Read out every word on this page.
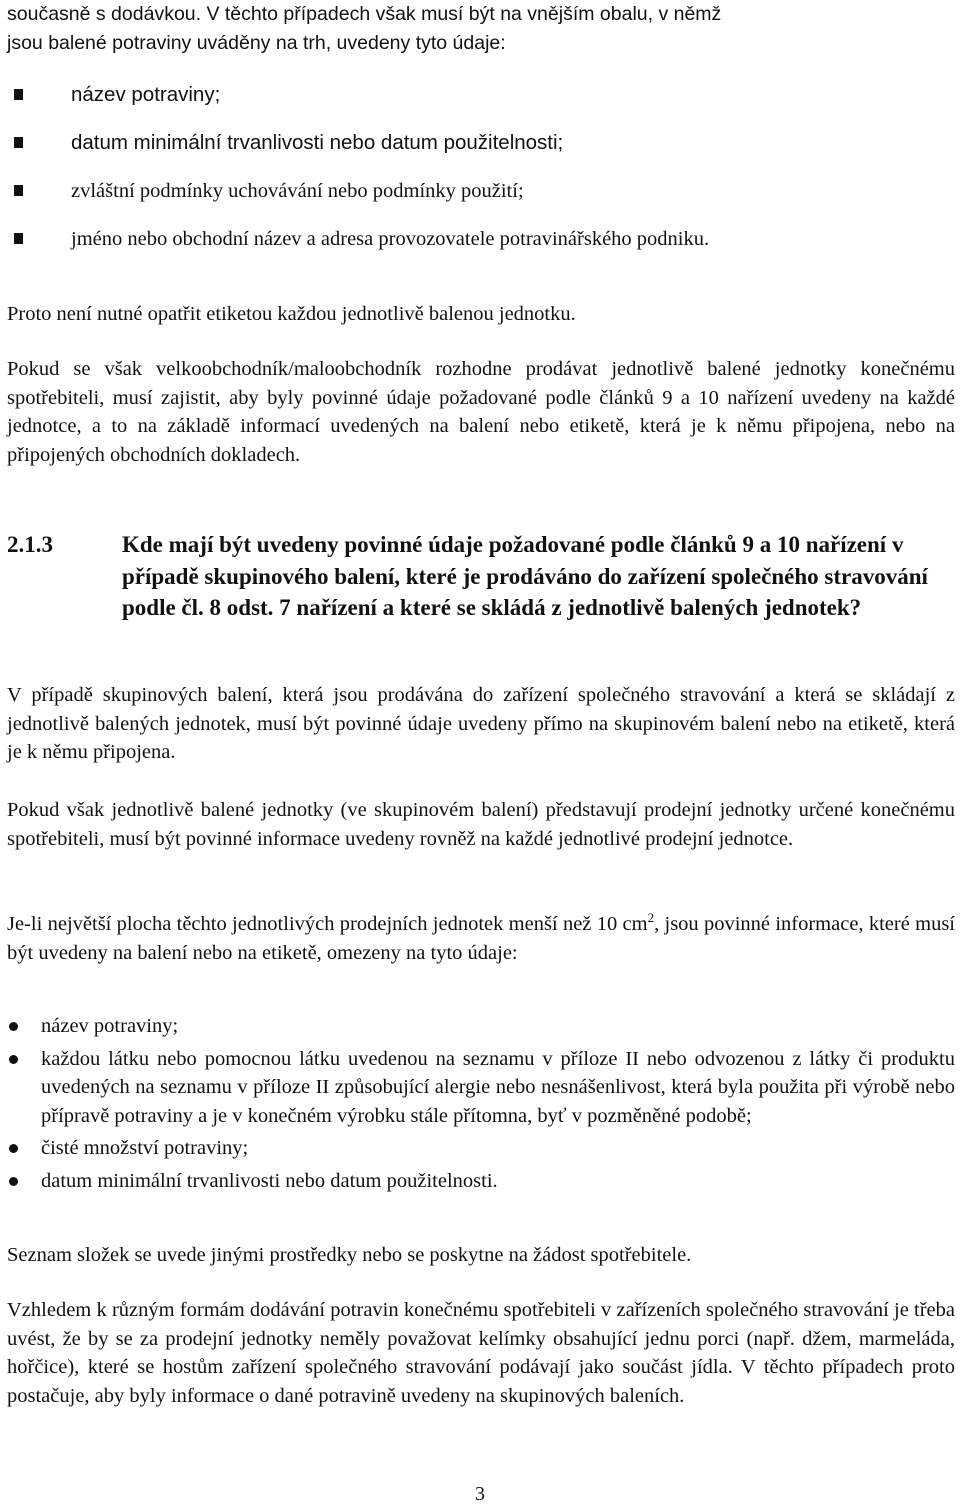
současně s dodávkou. V těchto případech však musí být na vnějším obalu, v němž
jsou balené potraviny uváděny na trh, uvedeny tyto údaje:
název potraviny;
datum minimální trvanlivosti nebo datum použitelnosti;
zvláštní podmínky uchovávání nebo podmínky použití;
jméno nebo obchodní název a adresa provozovatele potravinářského podniku.

Proto není nutné opatřit etiketou každou jednotlivě balenou jednotku.

Pokud se však velkoobchodník/maloobchodník rozhodne prodávat jednotlivě balené jednotky konečnému spotřebiteli, musí zajistit, aby byly povinné údaje požadované podle článků 9 a 10 nařízení uvedeny na každé jednotce, a to na základě informací uvedených na balení nebo etiketě, která je k němu připojena, nebo na připojených obchodních dokladech.

2.1.3	Kde mají být uvedeny povinné údaje požadované podle článků 9 a 10 nařízení v případě skupinového balení, které je prodáváno do zařízení společného stravování podle čl. 8 odst. 7 nařízení a které se skládá z jednotlivě balených jednotek?

V případě skupinových balení, která jsou prodávána do zařízení společného stravování a která se skládají z jednotlivě balených jednotek, musí být povinné údaje uvedeny přímo na skupinovém balení nebo na etiketě, která je k němu připojena.

Pokud však jednotlivě balené jednotky (ve skupinovém balení) představují prodejní jednotky určené konečnému spotřebiteli, musí být povinné informace uvedeny rovněž na každé jednotlivé prodejní jednotce.

Je-li největší plocha těchto jednotlivých prodejních jednotek menší než 10 $cm^2$, jsou povinné informace, které musí být uvedeny na balení nebo na etiketě, omezeny na tyto údaje:

název potraviny;
každou látku nebo pomocnou látku uvedenou na seznamu v příloze II nebo odvozenou z látky či produktu uvedených na seznamu v příloze II způsobující alergie nebo nesnášenlivost, která byla použita při výrobě nebo přípravě potraviny a je v konečném výrobku stále přítomna, byť v pozměněné podobě;
čisté množství potraviny;
datum minimální trvanlivosti nebo datum použitelnosti.

Seznam složek se uvede jinými prostředky nebo se poskytne na žádost spotřebitele.

Vzhledem k různým formám dodávání potravin konečnému spotřebiteli v zařízeních společného stravování je třeba uvést, že by se za prodejní jednotky neměly považovat kelímky obsahující jednu porci (např. džem, marmeláda, hořčice), které se hostům zařízení společného stravování podávají jako součást jídla. V těchto případech proto postačuje, aby byly informace o dané potravině uvedeny na skupinových baleních.

3
